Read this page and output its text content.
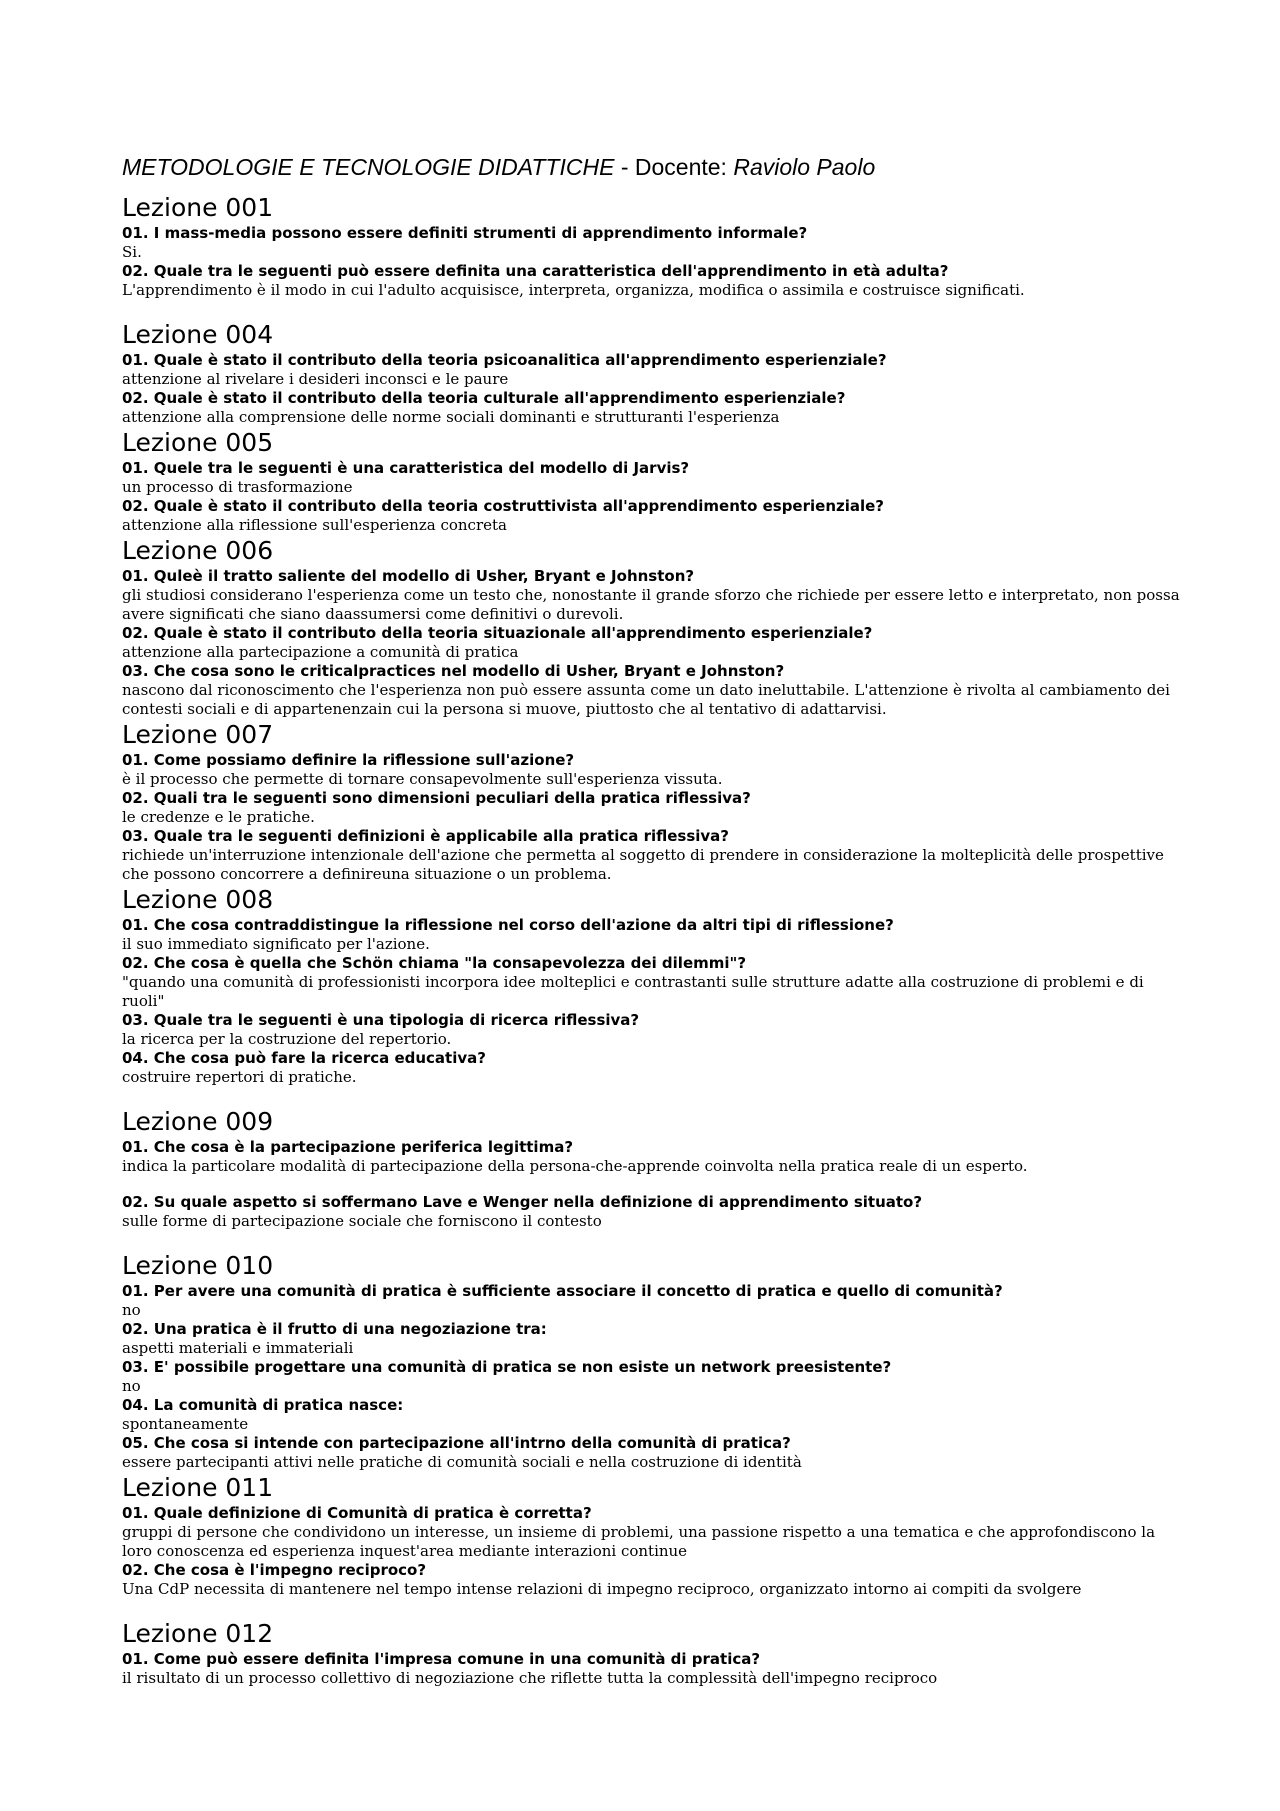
METODOLOGIE E TECNOLOGIE DIDATTICHE - Docente: Raviolo Paolo
Lezione 001
01. I mass-media possono essere definiti strumenti di apprendimento informale?
Si.
02. Quale tra le seguenti può essere definita una caratteristica dell'apprendimento in età adulta?
L'apprendimento è il modo in cui l'adulto acquisisce, interpreta, organizza, modifica o assimila e costruisce significati.
Lezione 004
01. Quale è stato il contributo della teoria psicoanalitica all'apprendimento esperienziale?
attenzione al rivelare i desideri inconsci e le paure
02. Quale è stato il contributo della teoria culturale all'apprendimento esperienziale?
attenzione alla comprensione delle norme sociali dominanti e strutturanti l'esperienza
Lezione 005
01. Quele tra le seguenti è una caratteristica del modello di Jarvis?
un processo di trasformazione
02. Quale è stato il contributo della teoria costruttivista all'apprendimento esperienziale?
attenzione alla riflessione sull'esperienza concreta
Lezione 006
01. Quleè il tratto saliente del modello di Usher, Bryant e Johnston?
gli studiosi considerano l'esperienza come un testo che, nonostante il grande sforzo che richiede per essere letto e interpretato, non possa avere significati che siano daassumersi come definitivi o durevoli.
02. Quale è stato il contributo della teoria situazionale all'apprendimento esperienziale?
attenzione alla partecipazione a comunità di pratica
03. Che cosa sono le criticalpractices nel modello di Usher, Bryant e Johnston?
nascono dal riconoscimento che l'esperienza non può essere assunta come un dato ineluttabile. L'attenzione è rivolta al cambiamento dei contesti sociali e di appartenenzain cui la persona si muove, piuttosto che al tentativo di adattarvisi.
Lezione 007
01. Come possiamo definire la riflessione sull'azione?
è il processo che permette di tornare consapevolmente sull'esperienza vissuta.
02. Quali tra le seguenti sono dimensioni peculiari della pratica riflessiva?
le credenze e le pratiche.
03. Quale tra le seguenti definizioni è applicabile alla pratica riflessiva?
richiede un'interruzione intenzionale dell'azione che permetta al soggetto di prendere in considerazione la molteplicità delle prospettive che possono concorrere a definireuna situazione o un problema.
Lezione 008
01. Che cosa contraddistingue la riflessione nel corso dell'azione da altri tipi di riflessione?
il suo immediato significato per l'azione.
02. Che cosa è quella che Schön chiama "la consapevolezza dei dilemmi"?
"quando una comunità di professionisti incorpora idee molteplici e contrastanti sulle strutture adatte alla costruzione di problemi e di ruoli"
03. Quale tra le seguenti è una tipologia di ricerca riflessiva?
la ricerca per la costruzione del repertorio.
04. Che cosa può fare la ricerca educativa?
costruire repertori di pratiche.
Lezione 009
01. Che cosa è la partecipazione periferica legittima?
indica la particolare modalità di partecipazione della persona-che-apprende coinvolta nella pratica reale di un esperto.
02. Su quale aspetto si soffermano Lave e Wenger nella definizione di apprendimento situato?
sulle forme di partecipazione sociale che forniscono il contesto
Lezione 010
01. Per avere una comunità di pratica è sufficiente associare il concetto di pratica e quello di comunità?
no
02. Una pratica è il frutto di una negoziazione tra:
aspetti materiali e immateriali
03. E' possibile progettare una comunità di pratica se non esiste un network preesistente?
no
04. La comunità di pratica nasce:
spontaneamente
05. Che cosa si intende con partecipazione all'intrno della comunità di pratica?
essere partecipanti attivi nelle pratiche di comunità sociali e nella costruzione di identità
Lezione 011
01. Quale definizione di Comunità di pratica è corretta?
gruppi di persone che condividono un interesse, un insieme di problemi, una passione rispetto a una tematica e che approfondiscono la loro conoscenza ed esperienza inquest'area mediante interazioni continue
02. Che cosa è l'impegno reciproco?
Una CdP necessita di mantenere nel tempo intense relazioni di impegno reciproco, organizzato intorno ai compiti da svolgere
Lezione 012
01. Come può essere definita l'impresa comune in una comunità di pratica?
il risultato di un processo collettivo di negoziazione che riflette tutta la complessità dell'impegno reciproco
